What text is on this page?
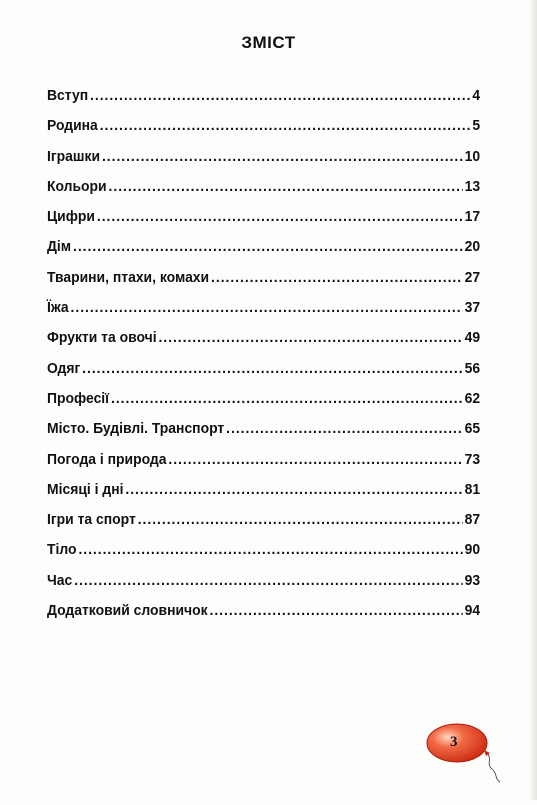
ЗМІСТ
Вступ .....	4
Родина .....	5
Іграшки .....	10
Кольори .....	13
Цифри .....	17
Дім .....	20
Тварини, птахи, комахи .....	27
Їжа .....	37
Фрукти та овочі .....	49
Одяг .....	56
Професії .....	62
Місто. Будівлі. Транспорт .....	65
Погода і природа .....	73
Місяці і дні .....	81
Ігри та спорт .....	87
Тіло .....	90
Час .....	93
Додатковий словничок .....	94
3
